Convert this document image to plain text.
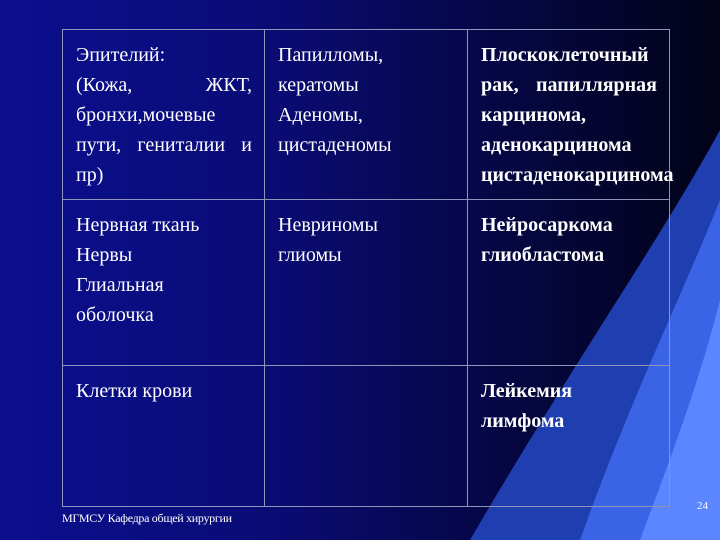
Эпителий:
(Кожа, ЖКТ, бронхи,мочевые пути, гениталии и пр)	Папилломы,
кератомы
Аденомы,
цистаденомы	Плоскоклеточный рак, папиллярная карцинома, аденокарцинома цистаденокарцинома

Нервная ткань
Нервы
Глиальная
оболочка	Невриномы
глиомы	Нейросаркома
глиобластома

Клетки крови		Лейкемия
лимфома
МГМСУ Кафедра общей хирургии
24
